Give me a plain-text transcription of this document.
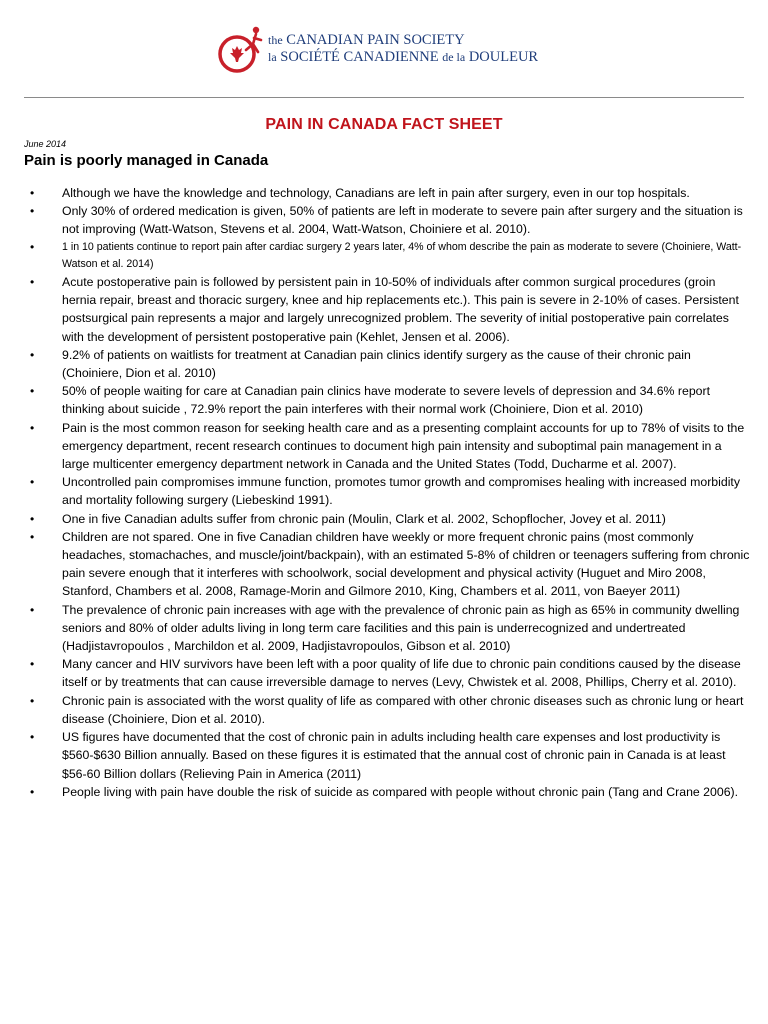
the CANADIAN PAIN SOCIETY
la SOCIÉTÉ CANADIENNE de la DOULEUR
PAIN IN CANADA FACT SHEET
June 2014
Pain is poorly managed in Canada
•	Although we have the knowledge and technology, Canadians are left in pain after surgery, even in our top hospitals.
•	Only 30% of ordered medication is given, 50% of patients are left in moderate to severe pain after surgery and the situation is not improving (Watt-Watson, Stevens et al. 2004, Watt-Watson, Choiniere et al. 2010).
•	1 in 10 patients continue to report pain after cardiac surgery 2 years later, 4% of whom describe the pain as moderate to severe (Choiniere, Watt-Watson et al. 2014)
•	Acute postoperative pain is followed by persistent pain in 10-50% of individuals after common surgical procedures (groin hernia repair, breast and thoracic surgery, knee and hip replacements etc.). This pain is severe in 2-10% of cases. Persistent postsurgical pain represents a major and largely unrecognized problem. The severity of initial postoperative pain correlates with the development of persistent postoperative pain (Kehlet, Jensen et al. 2006).
•	9.2% of patients on waitlists for treatment at Canadian pain clinics identify surgery as the cause of their chronic pain (Choiniere, Dion et al. 2010)
•	50% of people waiting for care at Canadian pain clinics have moderate to severe levels of depression and 34.6% report thinking about suicide , 72.9% report the pain interferes with their normal work (Choiniere, Dion et al. 2010)
•	Pain is the most common reason for seeking health care and as a presenting complaint accounts for up to 78% of visits to the emergency department, recent research continues to document high pain intensity and suboptimal pain management in a large multicenter emergency department network in Canada and the United States (Todd, Ducharme et al. 2007).
•	Uncontrolled pain compromises immune function, promotes tumor growth and compromises healing with increased morbidity and mortality following surgery (Liebeskind 1991).
•	One in five Canadian adults suffer from chronic pain (Moulin, Clark et al. 2002, Schopflocher, Jovey et al. 2011)
•	Children are not spared. One in five Canadian children have weekly or more frequent chronic pains (most commonly headaches, stomachaches, and muscle/joint/backpain), with an estimated 5-8% of children or teenagers suffering from chronic pain severe enough that it interferes with schoolwork, social development and physical activity (Huguet and Miro 2008, Stanford, Chambers et al. 2008, Ramage-Morin and Gilmore 2010, King, Chambers et al. 2011, von Baeyer 2011)
•	The prevalence of chronic pain increases with age with the prevalence of chronic pain as high as 65% in community dwelling seniors and 80% of older adults living in long term care facilities and this pain is underrecognized and undertreated (Hadjistavropoulos , Marchildon et al. 2009, Hadjistavropoulos, Gibson et al. 2010)
•	Many cancer and HIV survivors have been left with a poor quality of life due to chronic pain conditions caused by the disease itself or by treatments that can cause irreversible damage to nerves (Levy, Chwistek et al. 2008, Phillips, Cherry et al. 2010).
•	Chronic pain is associated with the worst quality of life as compared with other chronic diseases such as chronic lung or heart disease (Choiniere, Dion et al. 2010).
•	US figures have documented that the cost of chronic pain in adults including health care expenses and lost productivity is $560-$630 Billion annually. Based on these figures it is estimated that the annual cost of chronic pain in Canada is at least $56-60 Billion dollars (Relieving Pain in America (2011)
•	People living with pain have double the risk of suicide as compared with people without chronic pain (Tang and Crane 2006).
